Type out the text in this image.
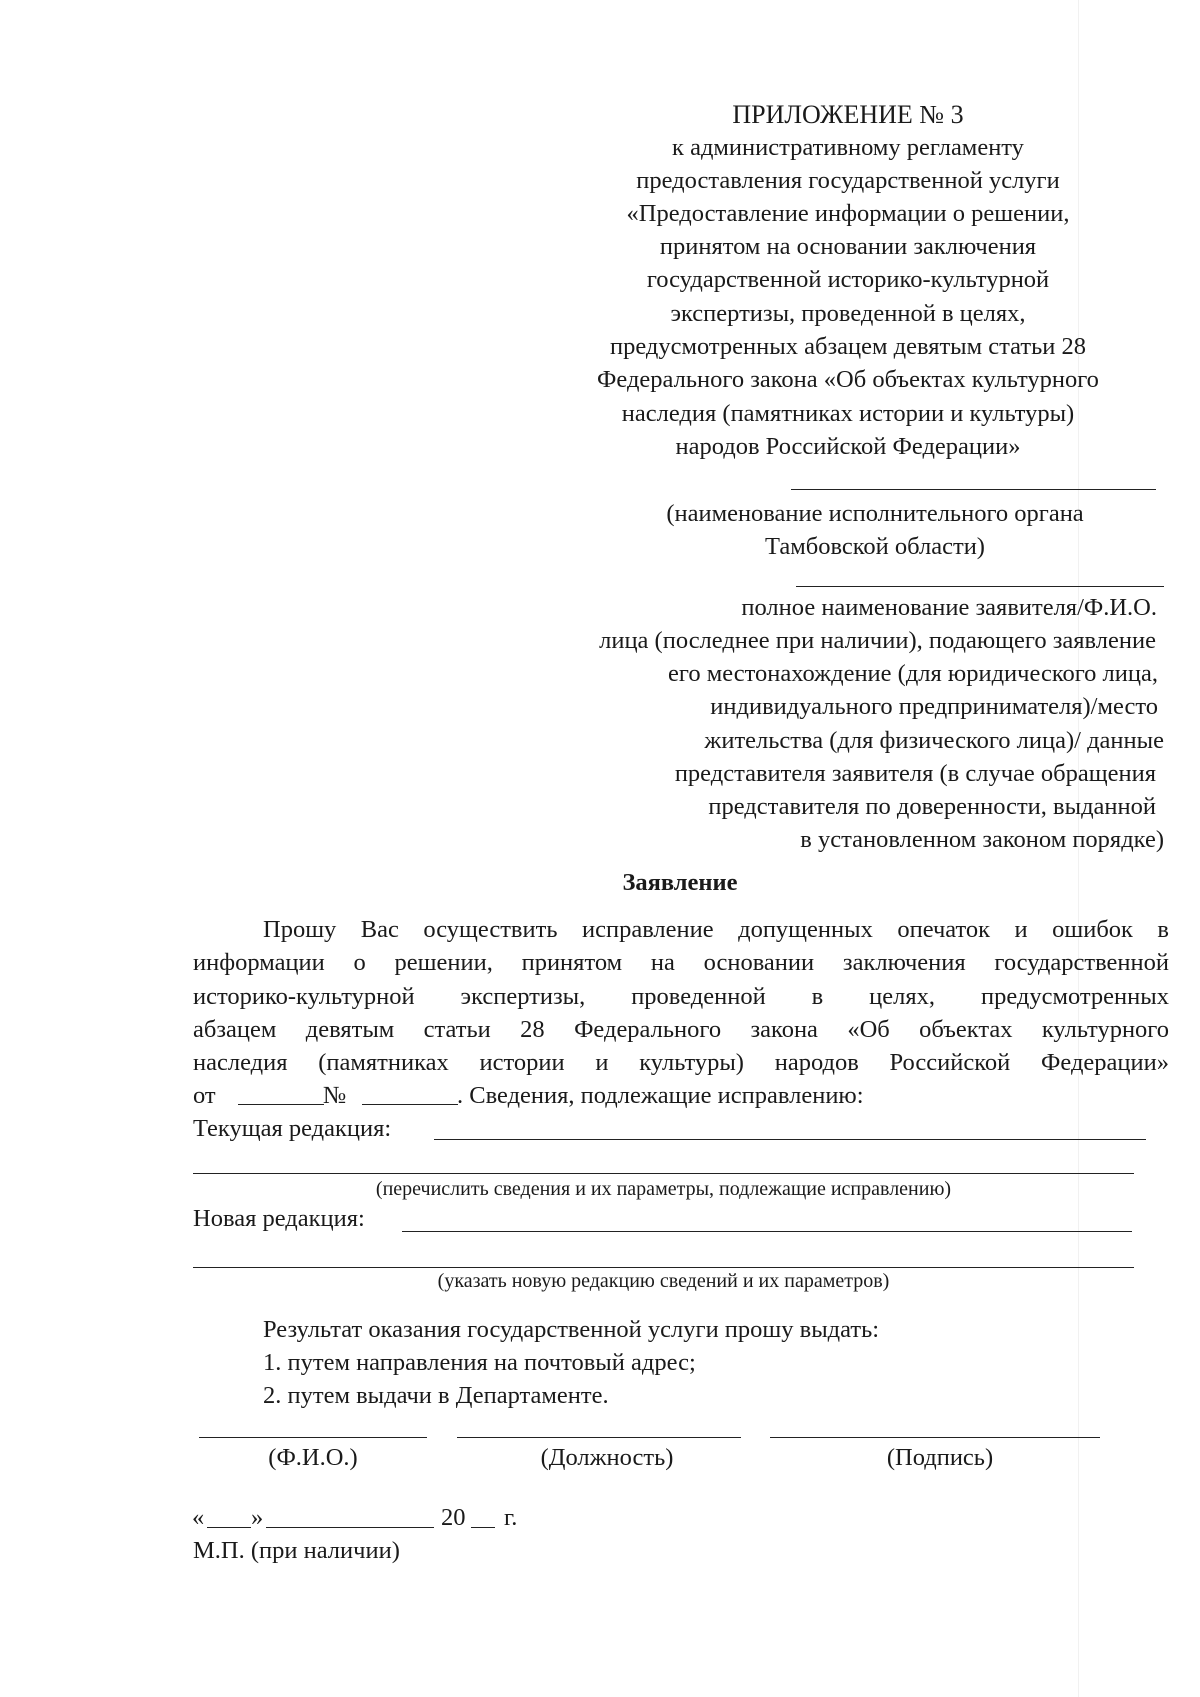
ПРИЛОЖЕНИЕ № 3
к административному регламенту
предоставления государственной услуги
«Предоставление информации о решении,
принятом на основании заключения
государственной историко-культурной
экспертизы, проведенной в целях,
предусмотренных абзацем девятым статьи 28
Федерального закона «Об объектах культурного
наследия (памятниках истории и культуры)
народов Российской Федерации»
(наименование исполнительного органа
Тамбовской области)
полное наименование заявителя/Ф.И.О.
лица (последнее при наличии), подающего заявление
его местонахождение (для юридического лица,
индивидуального предпринимателя)/место
жительства (для физического лица)/ данные
представителя заявителя (в случае обращения
представителя по доверенности, выданной
в установленном законом порядке)
Заявление
Прошу Вас осуществить исправление допущенных опечаток и ошибок в
информации о решении, принятом на основании заключения государственной
историко-культурной экспертизы, проведенной в целях, предусмотренных
абзацем девятым статьи 28 Федерального закона «Об объектах культурного
наследия (памятниках истории и культуры) народов Российской Федерации»
от	№	. Сведения, подлежащие исправлению:
Текущая редакция:
(перечислить сведения и их параметры, подлежащие исправлению)
Новая редакция:
(указать новую редакцию сведений и их параметров)
Результат оказания государственной услуги прошу выдать:
1. путем направления на почтовый адрес;
2. путем выдачи в Департаменте.
(Ф.И.О.)	(Должность)	(Подпись)
« »	20 г.
М.П. (при наличии)
